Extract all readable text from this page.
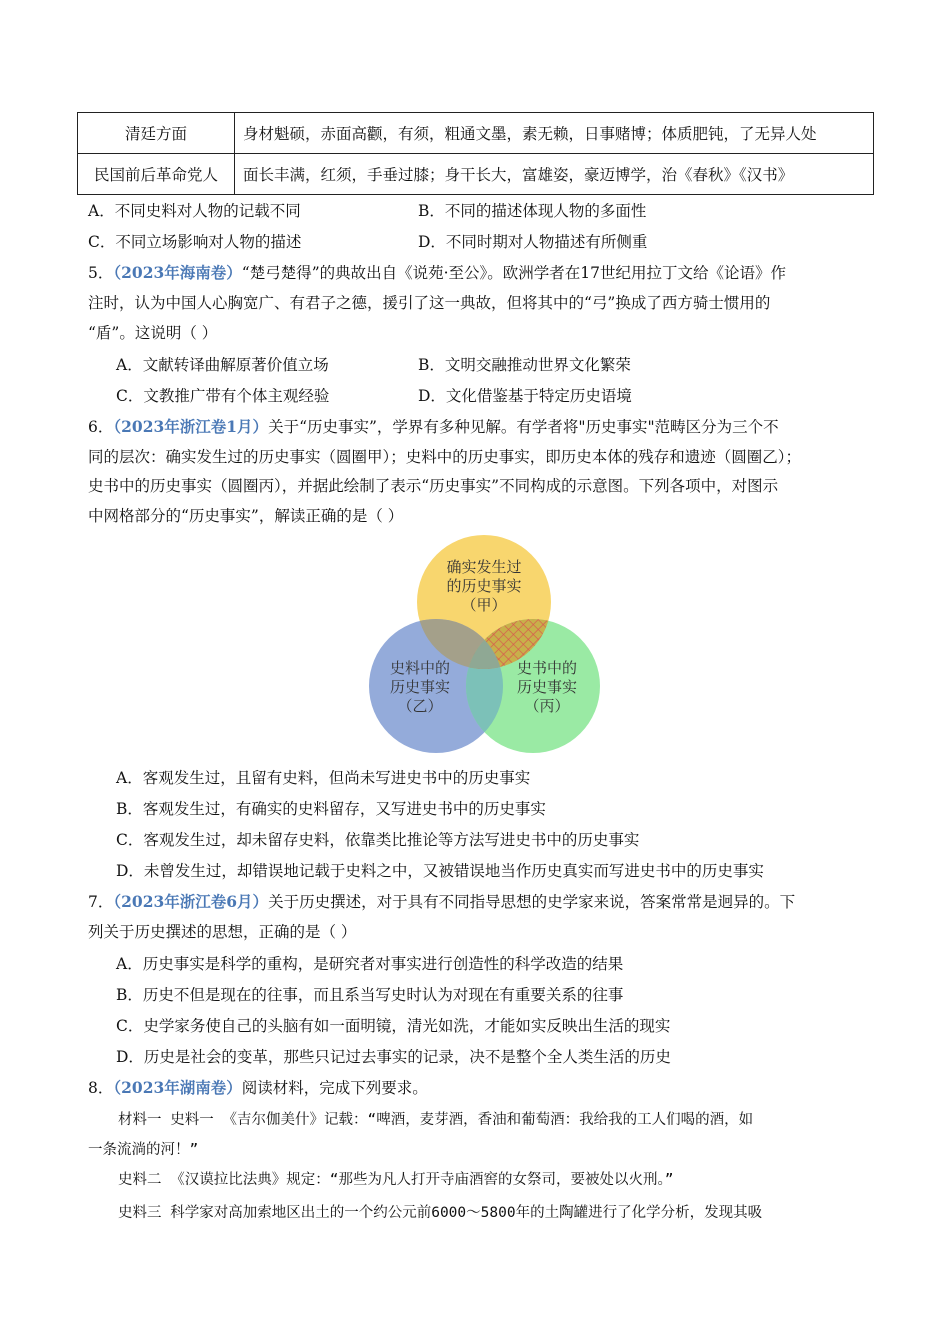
清廷方面	身材魁硕，赤面高颧，有须，粗通文墨，素无赖，日事赌博；体质肥钝，了无异人处
民国前后革命党人	面长丰满，红须，手垂过膝；身干长大，富雄姿，豪迈博学，治《春秋》《汉书》
A．不同史料对人物的记载不同	B．不同的描述体现人物的多面性
C．不同立场影响对人物的描述	D．不同时期对人物描述有所侧重
5．（2023年海南卷）“楚弓楚得”的典故出自《说苑·至公》。欧洲学者在17世纪用拉丁文给《论语》作
注时，认为中国人心胸宽广、有君子之德，援引了这一典故，但将其中的“弓”换成了西方骑士惯用的
“盾”。这说明（ ）
A．文献转译曲解原著价值立场	B．文明交融推动世界文化繁荣
C．文教推广带有个体主观经验	D．文化借鉴基于特定历史语境
6．（2023年浙江卷1月）关于“历史事实”，学界有多种见解。有学者将"历史事实"范畴区分为三个不
同的层次：确实发生过的历史事实（圆圈甲）；史料中的历史事实，即历史本体的残存和遗迹（圆圈乙）；
史书中的历史事实（圆圈丙），并据此绘制了表示“历史事实”不同构成的示意图。下列各项中，对图示
中网格部分的“历史事实”，解读正确的是（ ）
确实发生过
的历史事实
（甲）
史料中的
历史事实
（乙）
史书中的
历史事实
（丙）
A．客观发生过，且留有史料，但尚未写进史书中的历史事实
B．客观发生过，有确实的史料留存，又写进史书中的历史事实
C．客观发生过，却未留存史料，依靠类比推论等方法写进史书中的历史事实
D．未曾发生过，却错误地记载于史料之中，又被错误地当作历史真实而写进史书中的历史事实
7．（2023年浙江卷6月）关于历史撰述，对于具有不同指导思想的史学家来说，答案常常是迥异的。下
列关于历史撰述的思想，正确的是（ ）
A．历史事实是科学的重构，是研究者对事实进行创造性的科学改造的结果
B．历史不但是现在的往事，而且系当写史时认为对现在有重要关系的往事
C．史学家务使自己的头脑有如一面明镜，清光如洗，才能如实反映出生活的现实
D．历史是社会的变革，那些只记过去事实的记录，决不是整个全人类生活的历史
8．（2023年湖南卷）阅读材料，完成下列要求。
材料一 史料一 《吉尔伽美什》记载：“啤酒，麦芽酒，香油和葡萄酒：我给我的工人们喝的酒，如
一条流淌的河！”
史料二 《汉谟拉比法典》规定：“那些为凡人打开寺庙酒窖的女祭司，要被处以火刑。”
史料三 科学家对高加索地区出土的一个约公元前6000～5800年的土陶罐进行了化学分析，发现其吸
